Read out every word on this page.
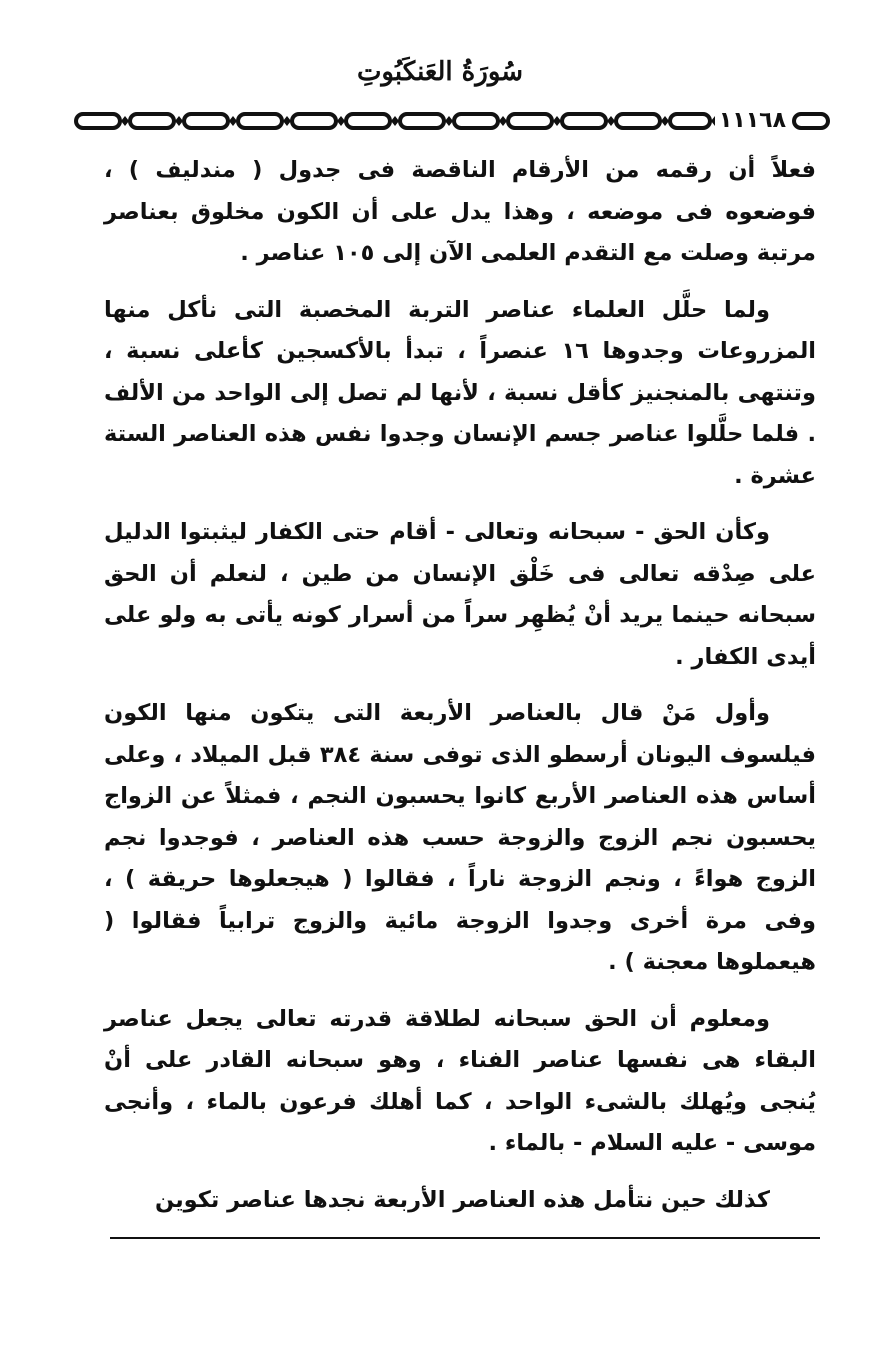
سُورَةُ العَنكَبُوتِ
١١١٦٨

فعلاً أن رقمه من الأرقام الناقصة فى جدول ( مندليف ) ، فوضعوه فى موضعه ، وهذا يدل على أن الكون مخلوق بعناصر مرتبة وصلت مع التقدم العلمى الآن إلى ١٠٥ عناصر .

ولما حلَّل العلماء عناصر التربة المخصبة التى نأكل منها المزروعات وجدوها ١٦ عنصراً ، تبدأ بالأكسجين كأعلى نسبة ، وتنتهى بالمنجنيز كأقل نسبة ، لأنها لم تصل إلى الواحد من الألف . فلما حلَّلوا عناصر جسم الإنسان وجدوا نفس هذه العناصر الستة عشرة .

وكأن الحق - سبحانه وتعالى - أقام حتى الكفار ليثبتوا الدليل على صِدْقه تعالى فى خَلْق الإنسان من طين ، لنعلم أن الحق سبحانه حينما يريد أنْ يُظهِر سراً من أسرار كونه يأتى به ولو على أيدى الكفار .

وأول مَنْ قال بالعناصر الأربعة التى يتكون منها الكون فيلسوف اليونان أرسطو الذى توفى سنة ٣٨٤ قبل الميلاد ، وعلى أساس هذه العناصر الأربع كانوا يحسبون النجم ، فمثلاً عن الزواج يحسبون نجم الزوج والزوجة حسب هذه العناصر ، فوجدوا نجم الزوج هواءً ، ونجم الزوجة ناراً ، فقالوا ( هيجعلوها حريقة ) ، وفى مرة أخرى وجدوا الزوجة مائية والزوج ترابياً فقالوا ( هيعملوها معجنة ) .

ومعلوم أن الحق سبحانه لطلاقة قدرته تعالى يجعل عناصر البقاء هى نفسها عناصر الفناء ، وهو سبحانه القادر على أنْ يُنجى ويُهلك بالشىء الواحد ، كما أهلك فرعون بالماء ، وأنجى موسى - عليه السلام - بالماء .

كذلك حين نتأمل هذه العناصر الأربعة نجدها عناصر تكوين
